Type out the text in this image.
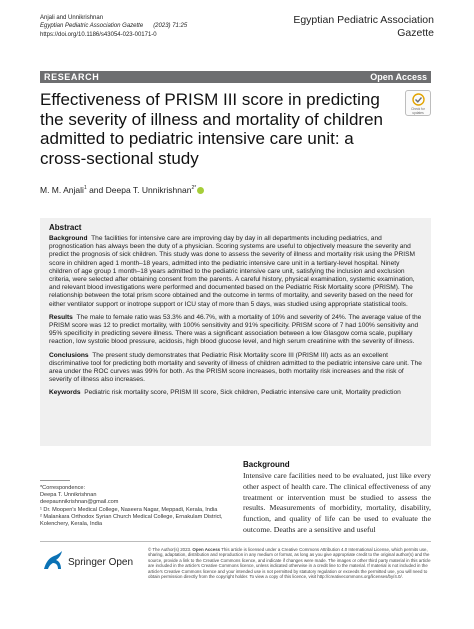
Anjali and Unnikrishnan
Egyptian Pediatric Association Gazette (2023) 71:25
https://doi.org/10.1186/s43054-023-00171-0
Egyptian Pediatric Association Gazette
RESEARCH	Open Access
Effectiveness of PRISM III score in predicting the severity of illness and mortality of children admitted to pediatric intensive care unit: a cross-sectional study
Check for updates
M. M. Anjali$^1$ and Deepa T. Unnikrishnan$^{2*}$
Abstract

Background The facilities for intensive care are improving day by day in all departments including pediatrics, and prognostication has always been the duty of a physician. Scoring systems are useful to objectively measure the severity and predict the prognosis of sick children. This study was done to assess the severity of illness and mortality risk using the PRISM score in children aged 1 month–18 years, admitted into the pediatric intensive care unit in a tertiary-level hospital. Ninety children of age group 1 month–18 years admitted to the pediatric intensive care unit, satisfying the inclusion and exclusion criteria, were selected after obtaining consent from the parents. A careful history, physical examination, systemic examination, and relevant blood investigations were performed and documented based on the Pediatric Risk Mortality score (PRISM). The relationship between the total prism score obtained and the outcome in terms of mortality, and severity based on the need for either ventilator support or inotrope support or ICU stay of more than 5 days, was studied using appropriate statistical tools.

Results The male to female ratio was 53.3% and 46.7%, with a mortality of 10% and severity of 24%. The average value of the PRISM score was 12 to predict mortality, with 100% sensitivity and 91% specificity. PRISM score of 7 had 100% sensitivity and 95% specificity in predicting severe illness. There was a significant association between a low Glasgow coma scale, pupillary reaction, low systolic blood pressure, acidosis, high blood glucose level, and high serum creatinine with the severity of illness.

Conclusions The present study demonstrates that Pediatric Risk Mortality score III (PRISM III) acts as an excellent discriminative tool for predicting both mortality and severity of illness of children admitted to the pediatric intensive care unit. The area under the ROC curves was 99% for both. As the PRISM score increases, both mortality risk increases and the risk of severity of illness also increases.

Keywords Pediatric risk mortality score, PRISM III score, Sick children, Pediatric intensive care unit, Mortality prediction

*Correspondence:
Deepa T. Unnikrishnan
deepaunnikrishnan@gmail.com
¹ Dr. Moopen's Medical College, Naseera Nagar, Meppadi, Kerala, India
² Malankara Orthodox Syrian Church Medical College, Ernakulam District, Kolenchery, Kerala, India
Background

Intensive care facilities need to be evaluated, just like every other aspect of health care. The clinical effectiveness of any treatment or intervention must be studied to assess the results. Measurements of morbidity, mortality, disability, function, and quality of life can be used to evaluate the outcome. Deaths are a sensitive and useful

Springer Open
© The Author(s) 2023. Open Access This article is licensed under a Creative Commons Attribution 4.0 International License, which permits use, sharing, adaptation, distribution and reproduction in any medium or format, as long as you give appropriate credit to the original author(s) and the source, provide a link to the Creative Commons licence, and indicate if changes were made. The images or other third party material in this article are included in the article's Creative Commons licence, unless indicated otherwise in a credit line to the material. If material is not included in the article's Creative Commons licence and your intended use is not permitted by statutory regulation or exceeds the permitted use, you will need to obtain permission directly from the copyright holder. To view a copy of this licence, visit http://creativecommons.org/licenses/by/4.0/.
